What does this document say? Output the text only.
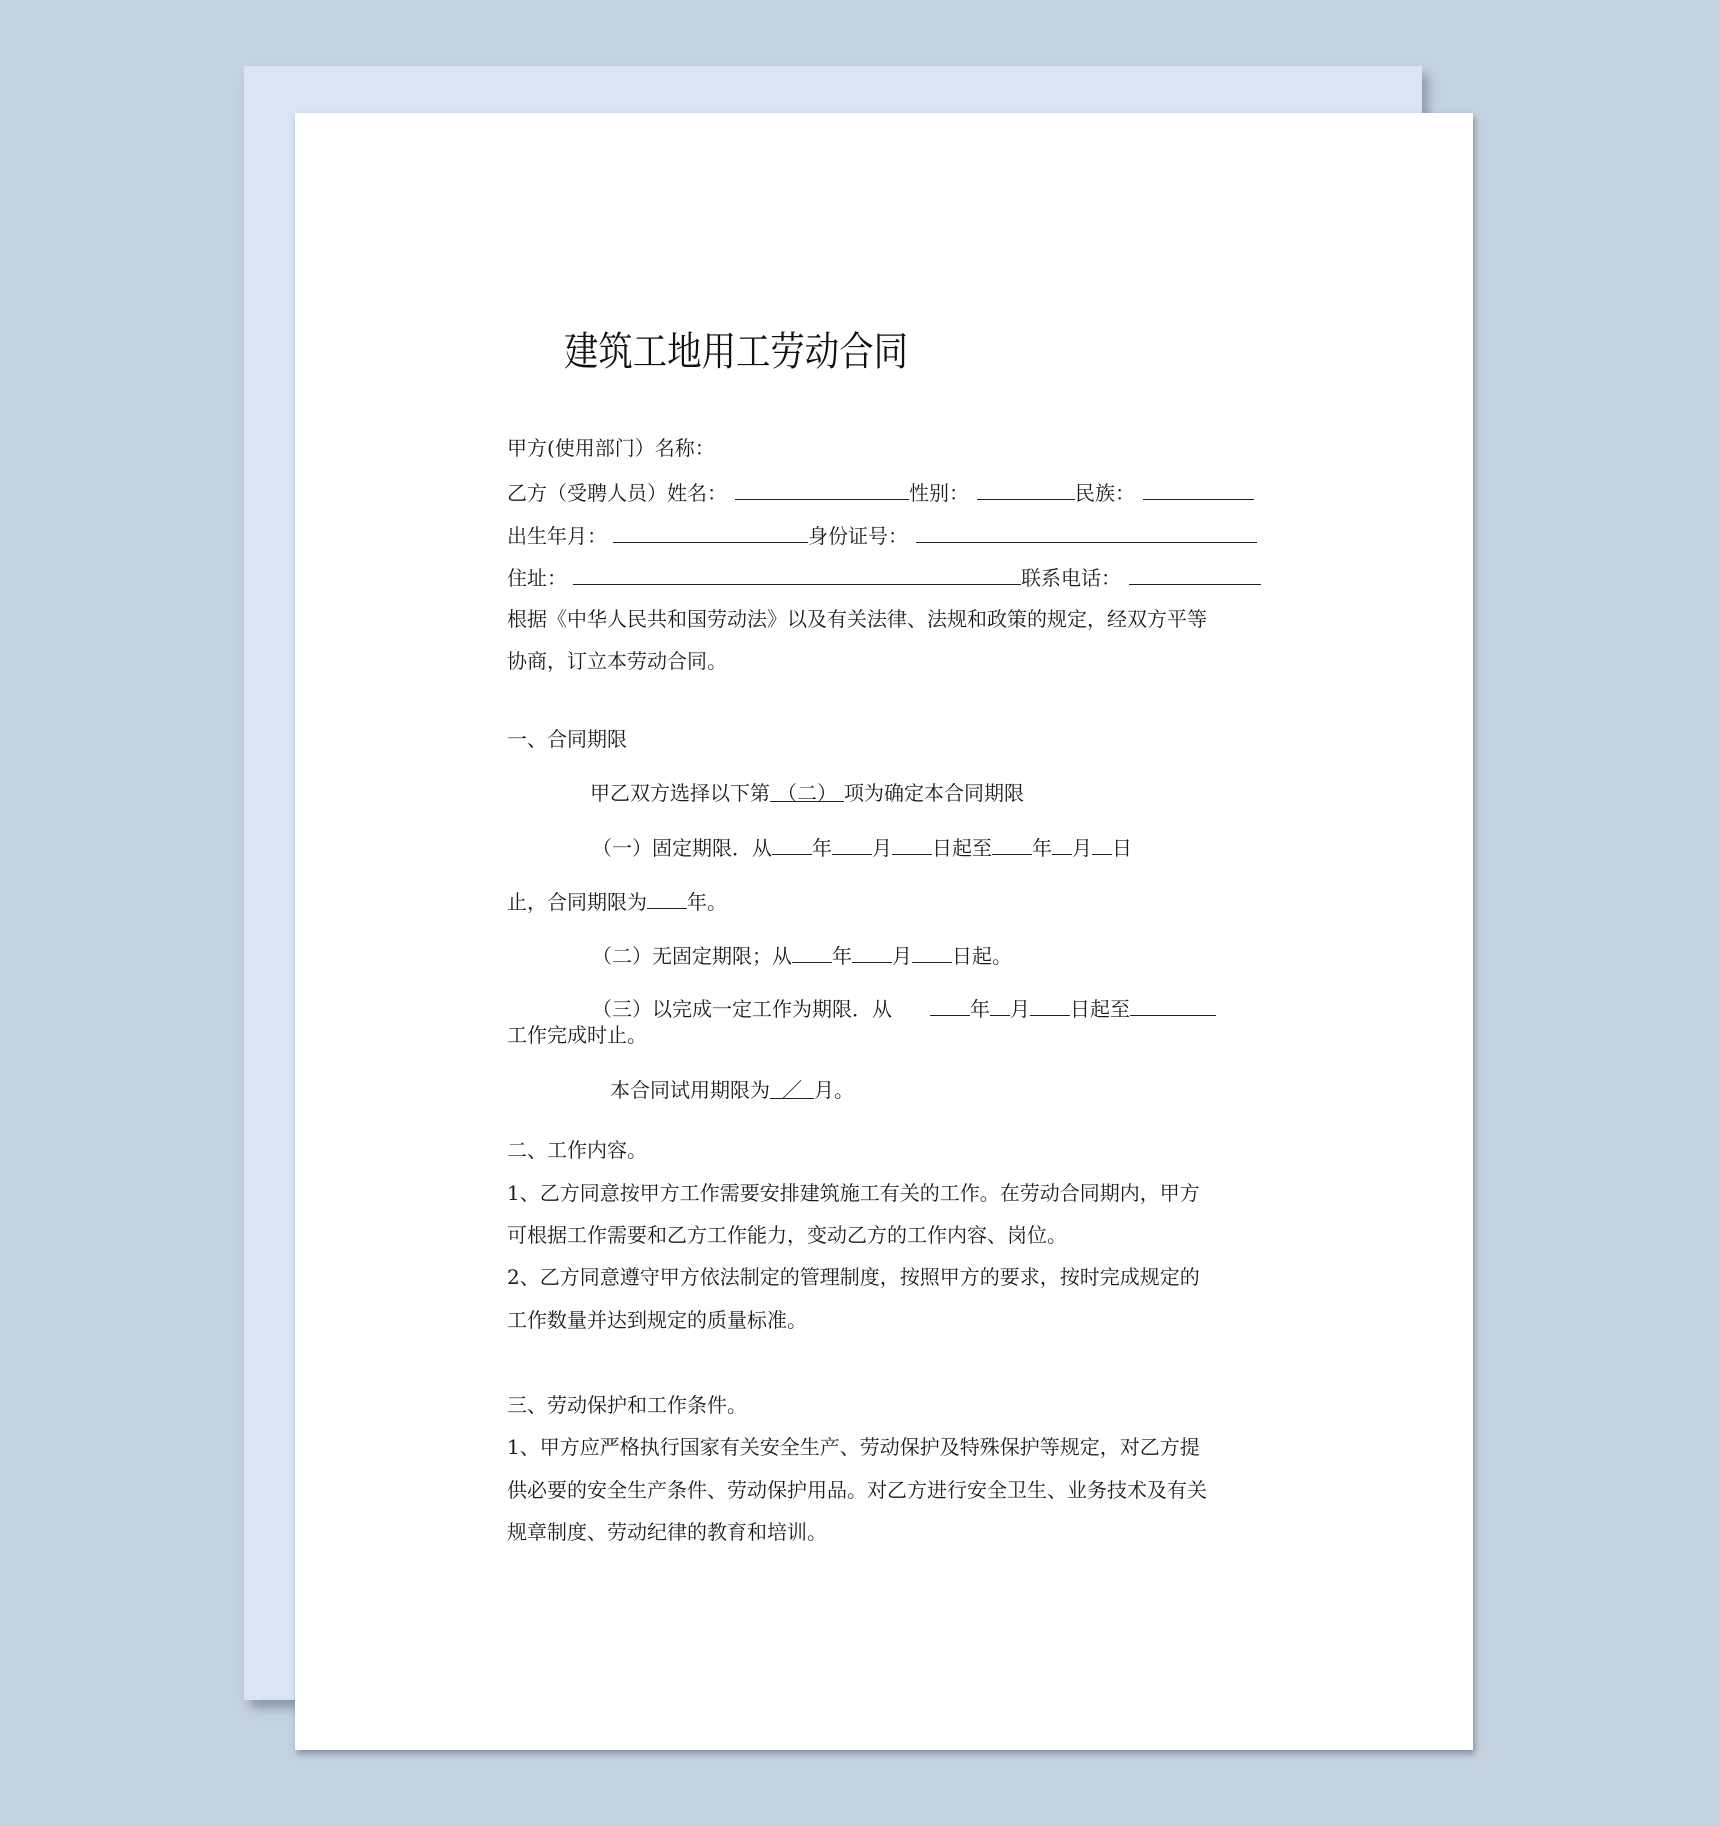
建筑工地用工劳动合同
甲方(使用部门）名称：
乙方（受聘人员）姓名：	性别：	民族：
出生年月：	身份证号：
住址：	联系电话：
根据《中华人民共和国劳动法》以及有关法律、法规和政策的规定，经双方平等
协商，订立本劳动合同。
一、合同期限
甲乙双方选择以下第 （二） 项为确定本合同期限
（一）固定期限．从 年 月 日起至 年 月 日
止，合同期限为 年。
（二）无固定期限；从 年 月 日起。
（三）以完成一定工作为期限．从	年 月 日起至
工作完成时止。
本合同试用期限为 ／ 月。
二、工作内容。
1、乙方同意按甲方工作需要安排建筑施工有关的工作。在劳动合同期内，甲方
可根据工作需要和乙方工作能力，变动乙方的工作内容、岗位。
2、乙方同意遵守甲方依法制定的管理制度，按照甲方的要求，按时完成规定的
工作数量并达到规定的质量标准。
三、劳动保护和工作条件。
1、甲方应严格执行国家有关安全生产、劳动保护及特殊保护等规定，对乙方提
供必要的安全生产条件、劳动保护用品。对乙方进行安全卫生、业务技术及有关
规章制度、劳动纪律的教育和培训。
